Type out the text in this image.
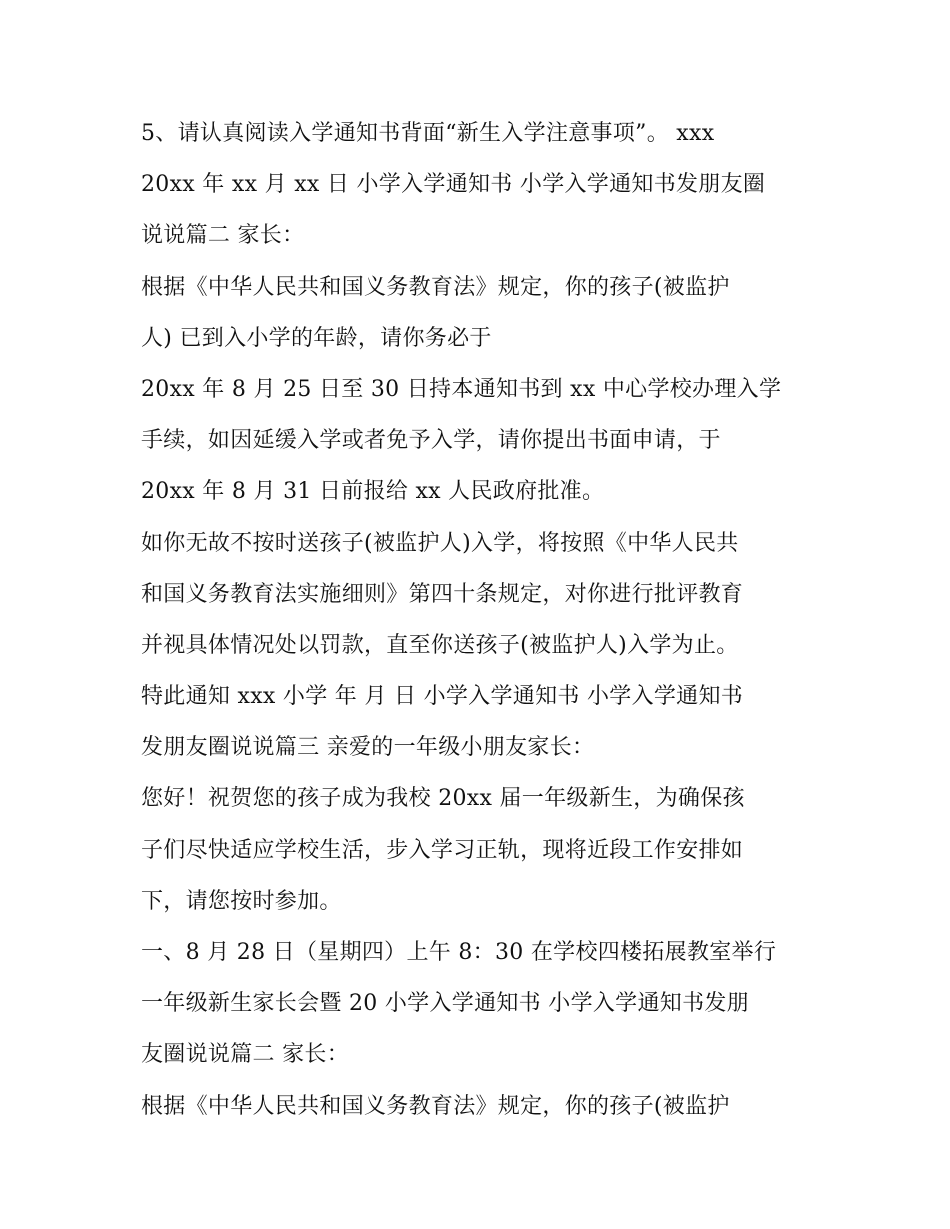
5、请认真阅读入学通知书背面“新生入学注意事项”。 xxx
20xx 年 xx 月 xx 日 小学入学通知书 小学入学通知书发朋友圈
说说篇二 家长：
根据《中华人民共和国义务教育法》规定，你的孩子(被监护
人) 已到入小学的年龄，请你务必于
20xx 年 8 月 25 日至 30 日持本通知书到 xx 中心学校办理入学
手续，如因延缓入学或者免予入学，请你提出书面申请，于
20xx 年 8 月 31 日前报给 xx 人民政府批准。
如你无故不按时送孩子(被监护人)入学，将按照《中华人民共
和国义务教育法实施细则》第四十条规定，对你进行批评教育
并视具体情况处以罚款，直至你送孩子(被监护人)入学为止。
特此通知 xxx 小学 年 月 日 小学入学通知书 小学入学通知书
发朋友圈说说篇三 亲爱的一年级小朋友家长：
您好！祝贺您的孩子成为我校 20xx 届一年级新生，为确保孩
子们尽快适应学校生活，步入学习正轨，现将近段工作安排如
下，请您按时参加。
一、8 月 28 日（星期四）上午 8：30 在学校四楼拓展教室举行
一年级新生家长会暨 20 小学入学通知书 小学入学通知书发朋
友圈说说篇二 家长：
根据《中华人民共和国义务教育法》规定，你的孩子(被监护
